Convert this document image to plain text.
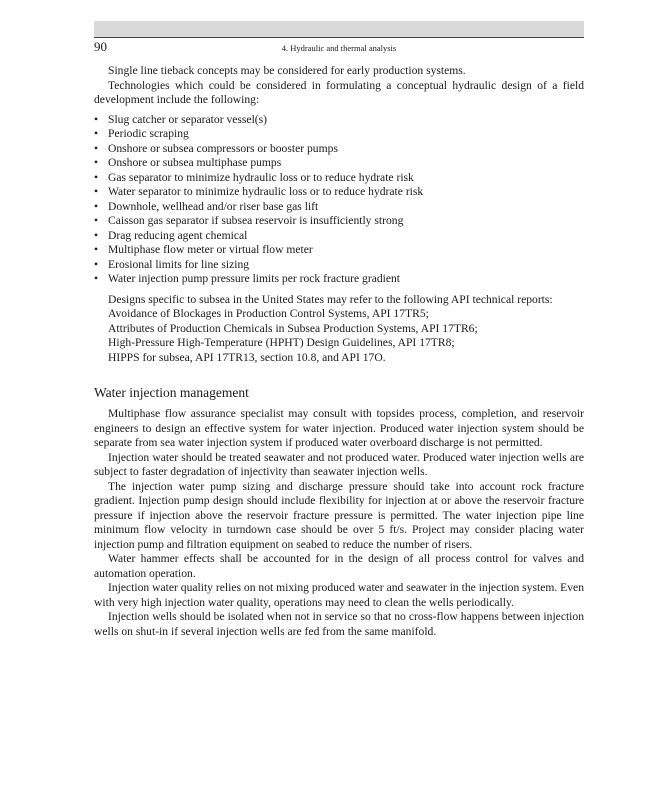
90	4. Hydraulic and thermal analysis

Single line tieback concepts may be considered for early production systems.

Technologies which could be considered in formulating a conceptual hydraulic design of a field development include the following:

• Slug catcher or separator vessel(s)
• Periodic scraping
• Onshore or subsea compressors or booster pumps
• Onshore or subsea multiphase pumps
• Gas separator to minimize hydraulic loss or to reduce hydrate risk
• Water separator to minimize hydraulic loss or to reduce hydrate risk
• Downhole, wellhead and/or riser base gas lift
• Caisson gas separator if subsea reservoir is insufficiently strong
• Drag reducing agent chemical
• Multiphase flow meter or virtual flow meter
• Erosional limits for line sizing
• Water injection pump pressure limits per rock fracture gradient

Designs specific to subsea in the United States may refer to the following API technical reports:

Avoidance of Blockages in Production Control Systems, API 17TR5;
Attributes of Production Chemicals in Subsea Production Systems, API 17TR6;
High-Pressure High-Temperature (HPHT) Design Guidelines, API 17TR8;
HIPPS for subsea, API 17TR13, section 10.8, and API 17O.
Water injection management

Multiphase flow assurance specialist may consult with topsides process, completion, and reservoir engineers to design an effective system for water injection. Produced water injection system should be separate from sea water injection system if produced water overboard discharge is not permitted.

Injection water should be treated seawater and not produced water. Produced water injection wells are subject to faster degradation of injectivity than seawater injection wells.

The injection water pump sizing and discharge pressure should take into account rock fracture gradient. Injection pump design should include flexibility for injection at or above the reservoir fracture pressure if injection above the reservoir fracture pressure is permitted. The water injection pipe line minimum flow velocity in turndown case should be over 5 ft/s. Project may consider placing water injection pump and filtration equipment on seabed to reduce the number of risers.

Water hammer effects shall be accounted for in the design of all process control for valves and automation operation.

Injection water quality relies on not mixing produced water and seawater in the injection system. Even with very high injection water quality, operations may need to clean the wells periodically.

Injection wells should be isolated when not in service so that no cross-flow happens between injection wells on shut-in if several injection wells are fed from the same manifold.
